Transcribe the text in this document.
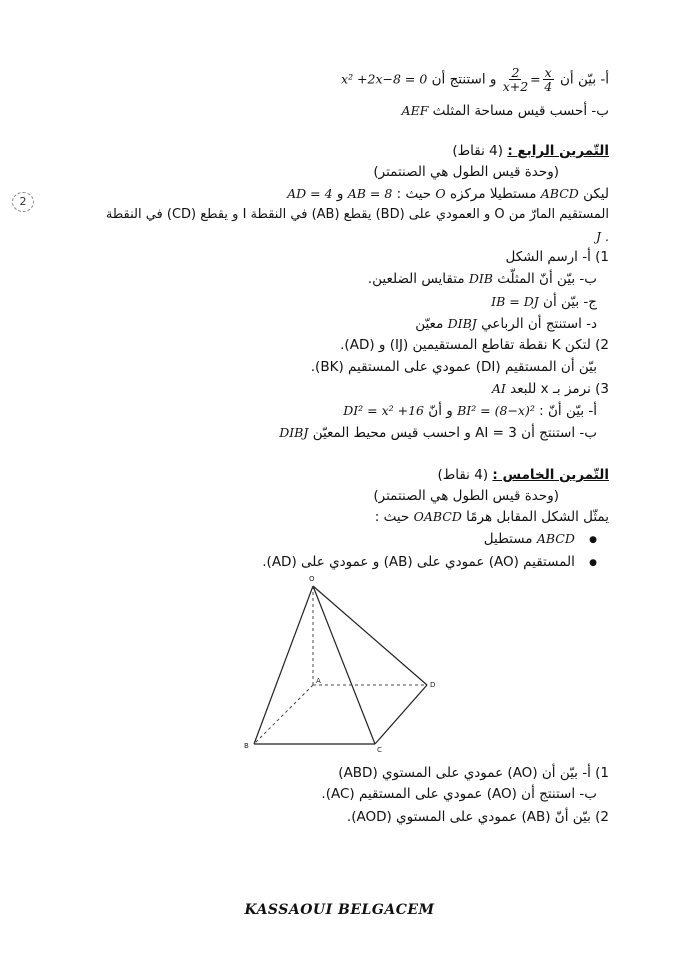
أ- بيّن أن
$\frac{x}{4}$
=
$\frac{2}{x+2}$
و استنتج أن x² +2x−8 = 0
ب- أحسب قيس مساحة المثلث AEF
التّمرين الرابع : (4 نقاط)
(وحدة قيس الطول هي الصنتمتر)
ليكن ABCD مستطيلا مركزه O حيث : AB = 8 و AD = 4
المستقيم المارّ من O و العمودي على (BD) يقطع (AB) في النقطة I و يقطع (CD) في النقطة
J .
1) أ- ارسم الشكل
ب- بيّن أنّ المثلّث DIB متقايس الضلعين.
ج- بيّن أن IB = DJ
د- استنتج أن الرباعي DIBJ معيّن
2) لتكن K نقطة تقاطع المستقيمين (IJ) و (AD).
بيّن أن المستقيم (DI) عمودي على المستقيم (BK).
3) نرمز بـ x للبعد AI
أ- بيّن أنّ : BI² = (8−x)² و أنّ DI² = x² +16
ب- استنتج أن AI = 3 و احسب قيس محيط المعيّن DIBJ
التّمرين الخامس : (4 نقاط)
(وحدة قيس الطول هي الصنتمتر)
يمثّل الشكل المقابل هرمًا OABCD حيث :
● ABCD مستطيل
● المستقيم (AO) عمودي على (AB) و عمودي على (AD).
O
A
B	C
D
1) أ- بيّن أن (AO) عمودي على المستوي (ABD)
ب- استنتج أن (AO) عمودي على المستقيم (AC).
2) بيّن أنّ (AB) عمودي على المستوي (AOD).
2
KASSAOUI BELGACEM
